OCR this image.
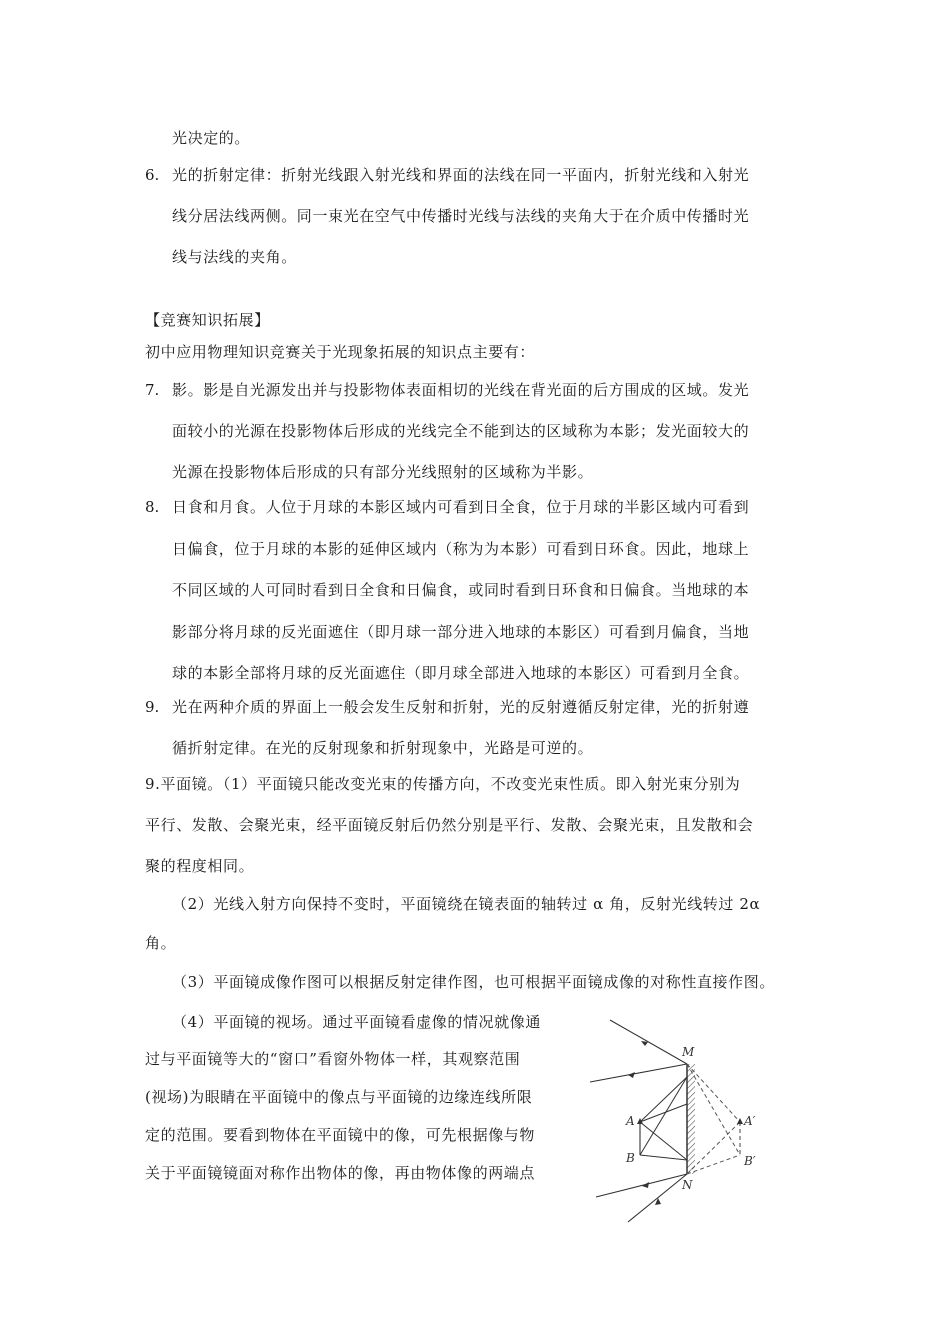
光决定的。
6. 光的折射定律：折射光线跟入射光线和界面的法线在同一平面内，折射光线和入射光
线分居法线两侧。同一束光在空气中传播时光线与法线的夹角大于在介质中传播时光
线与法线的夹角。
【竞赛知识拓展】
初中应用物理知识竞赛关于光现象拓展的知识点主要有：
7. 影。影是自光源发出并与投影物体表面相切的光线在背光面的后方围成的区域。发光
面较小的光源在投影物体后形成的光线完全不能到达的区域称为本影；发光面较大的
光源在投影物体后形成的只有部分光线照射的区域称为半影。
8. 日食和月食。人位于月球的本影区域内可看到日全食，位于月球的半影区域内可看到
日偏食，位于月球的本影的延伸区域内（称为为本影）可看到日环食。因此，地球上
不同区域的人可同时看到日全食和日偏食，或同时看到日环食和日偏食。当地球的本
影部分将月球的反光面遮住（即月球一部分进入地球的本影区）可看到月偏食，当地
球的本影全部将月球的反光面遮住（即月球全部进入地球的本影区）可看到月全食。
9. 光在两种介质的界面上一般会发生反射和折射，光的反射遵循反射定律，光的折射遵
循折射定律。在光的反射现象和折射现象中，光路是可逆的。
9.平面镜。（1）平面镜只能改变光束的传播方向，不改变光束性质。即入射光束分别为
平行、发散、会聚光束，经平面镜反射后仍然分别是平行、发散、会聚光束，且发散和会
聚的程度相同。
（2）光线入射方向保持不变时，平面镜绕在镜表面的轴转过 α 角，反射光线转过 2α
角。
（3）平面镜成像作图可以根据反射定律作图，也可根据平面镜成像的对称性直接作图。
（4）平面镜的视场。通过平面镜看虚像的情况就像通
过与平面镜等大的“窗口”看窗外物体一样，其观察范围
(视场)为眼睛在平面镜中的像点与平面镜的边缘连线所限
定的范围。要看到物体在平面镜中的像，可先根据像与物
关于平面镜镜面对称作出物体的像，再由物体像的两端点
M
N
A
B
A′
B′
